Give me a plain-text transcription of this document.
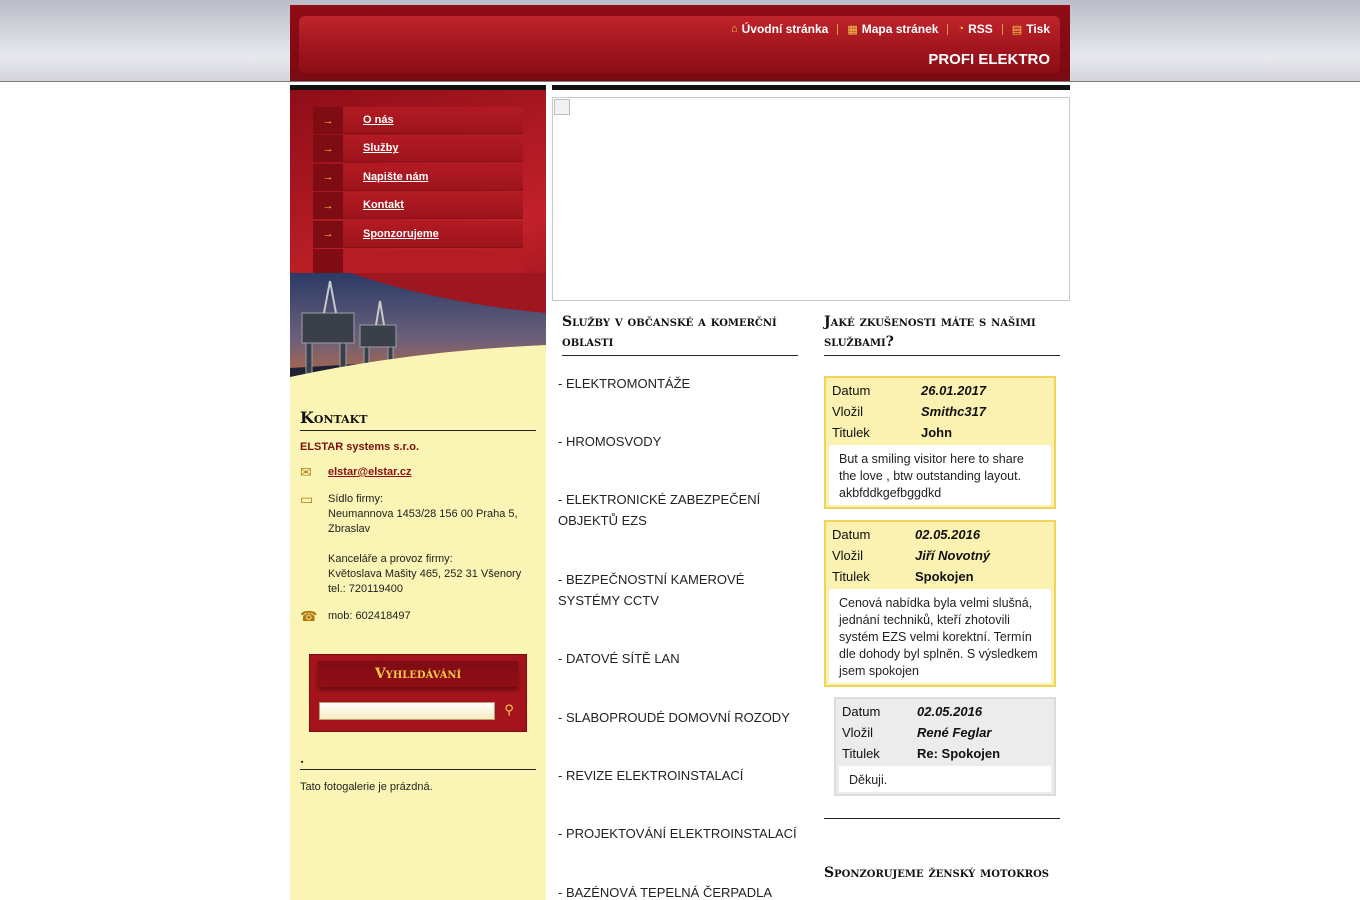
⌂ Úvodní stránka ▦ Mapa stránek ◔ RSS ▤ Tisk
PROFI ELEKTRO
→	O nás
→	Služby
→	Napište nám
→	Kontakt
→	Sponzorujeme
Kontakt
ELSTAR systems s.r.o.
✉	elstar@elstar.cz
▭	Sídlo firmy:
Neumannova 1453/28 156 00 Praha 5, Zbraslav
Kanceláře a provoz firmy:
Květoslava Mašity 465, 252 31 Všenory
tel.: 720119400
☎ mob: 602418497
Vyhledávání
⚲
.
Tato fotogalerie je prázdná.
Služby v občanské a komerční oblasti
- ELEKTROMONTÁŽE
- HROMOSVODY
- ELEKTRONICKÉ ZABEZPEČENÍ OBJEKTŮ EZS
- BEZPEČNOSTNÍ KAMEROVÉ SYSTÉMY CCTV
- DATOVÉ SÍTĚ LAN
- SLABOPROUDÉ DOMOVNÍ ROZODY
- REVIZE ELEKTROINSTALACÍ
- PROJEKTOVÁNÍ ELEKTROINSTALACÍ
- BAZÉNOVÁ TEPELNÁ ČERPADLA
Jaké zkušenosti máte s našimi službami?
Datum	26.01.2017
Vložil	Smithc317
Titulek	John
But a smiling visitor here to share the love , btw outstanding layout. akbfddkgefbggdkd
Datum	02.05.2016
Vložil	Jiří Novotný
Titulek	Spokojen
Cenová nabídka byla velmi slušná, jednání techniků, kteří zhotovili systém EZS velmi korektní. Termín dle dohody byl splněn. S výsledkem jsem spokojen
Datum	02.05.2016
Vložil	René Feglar
Titulek	Re: Spokojen
Děkuji.
Sponzorujeme ženský motokros
